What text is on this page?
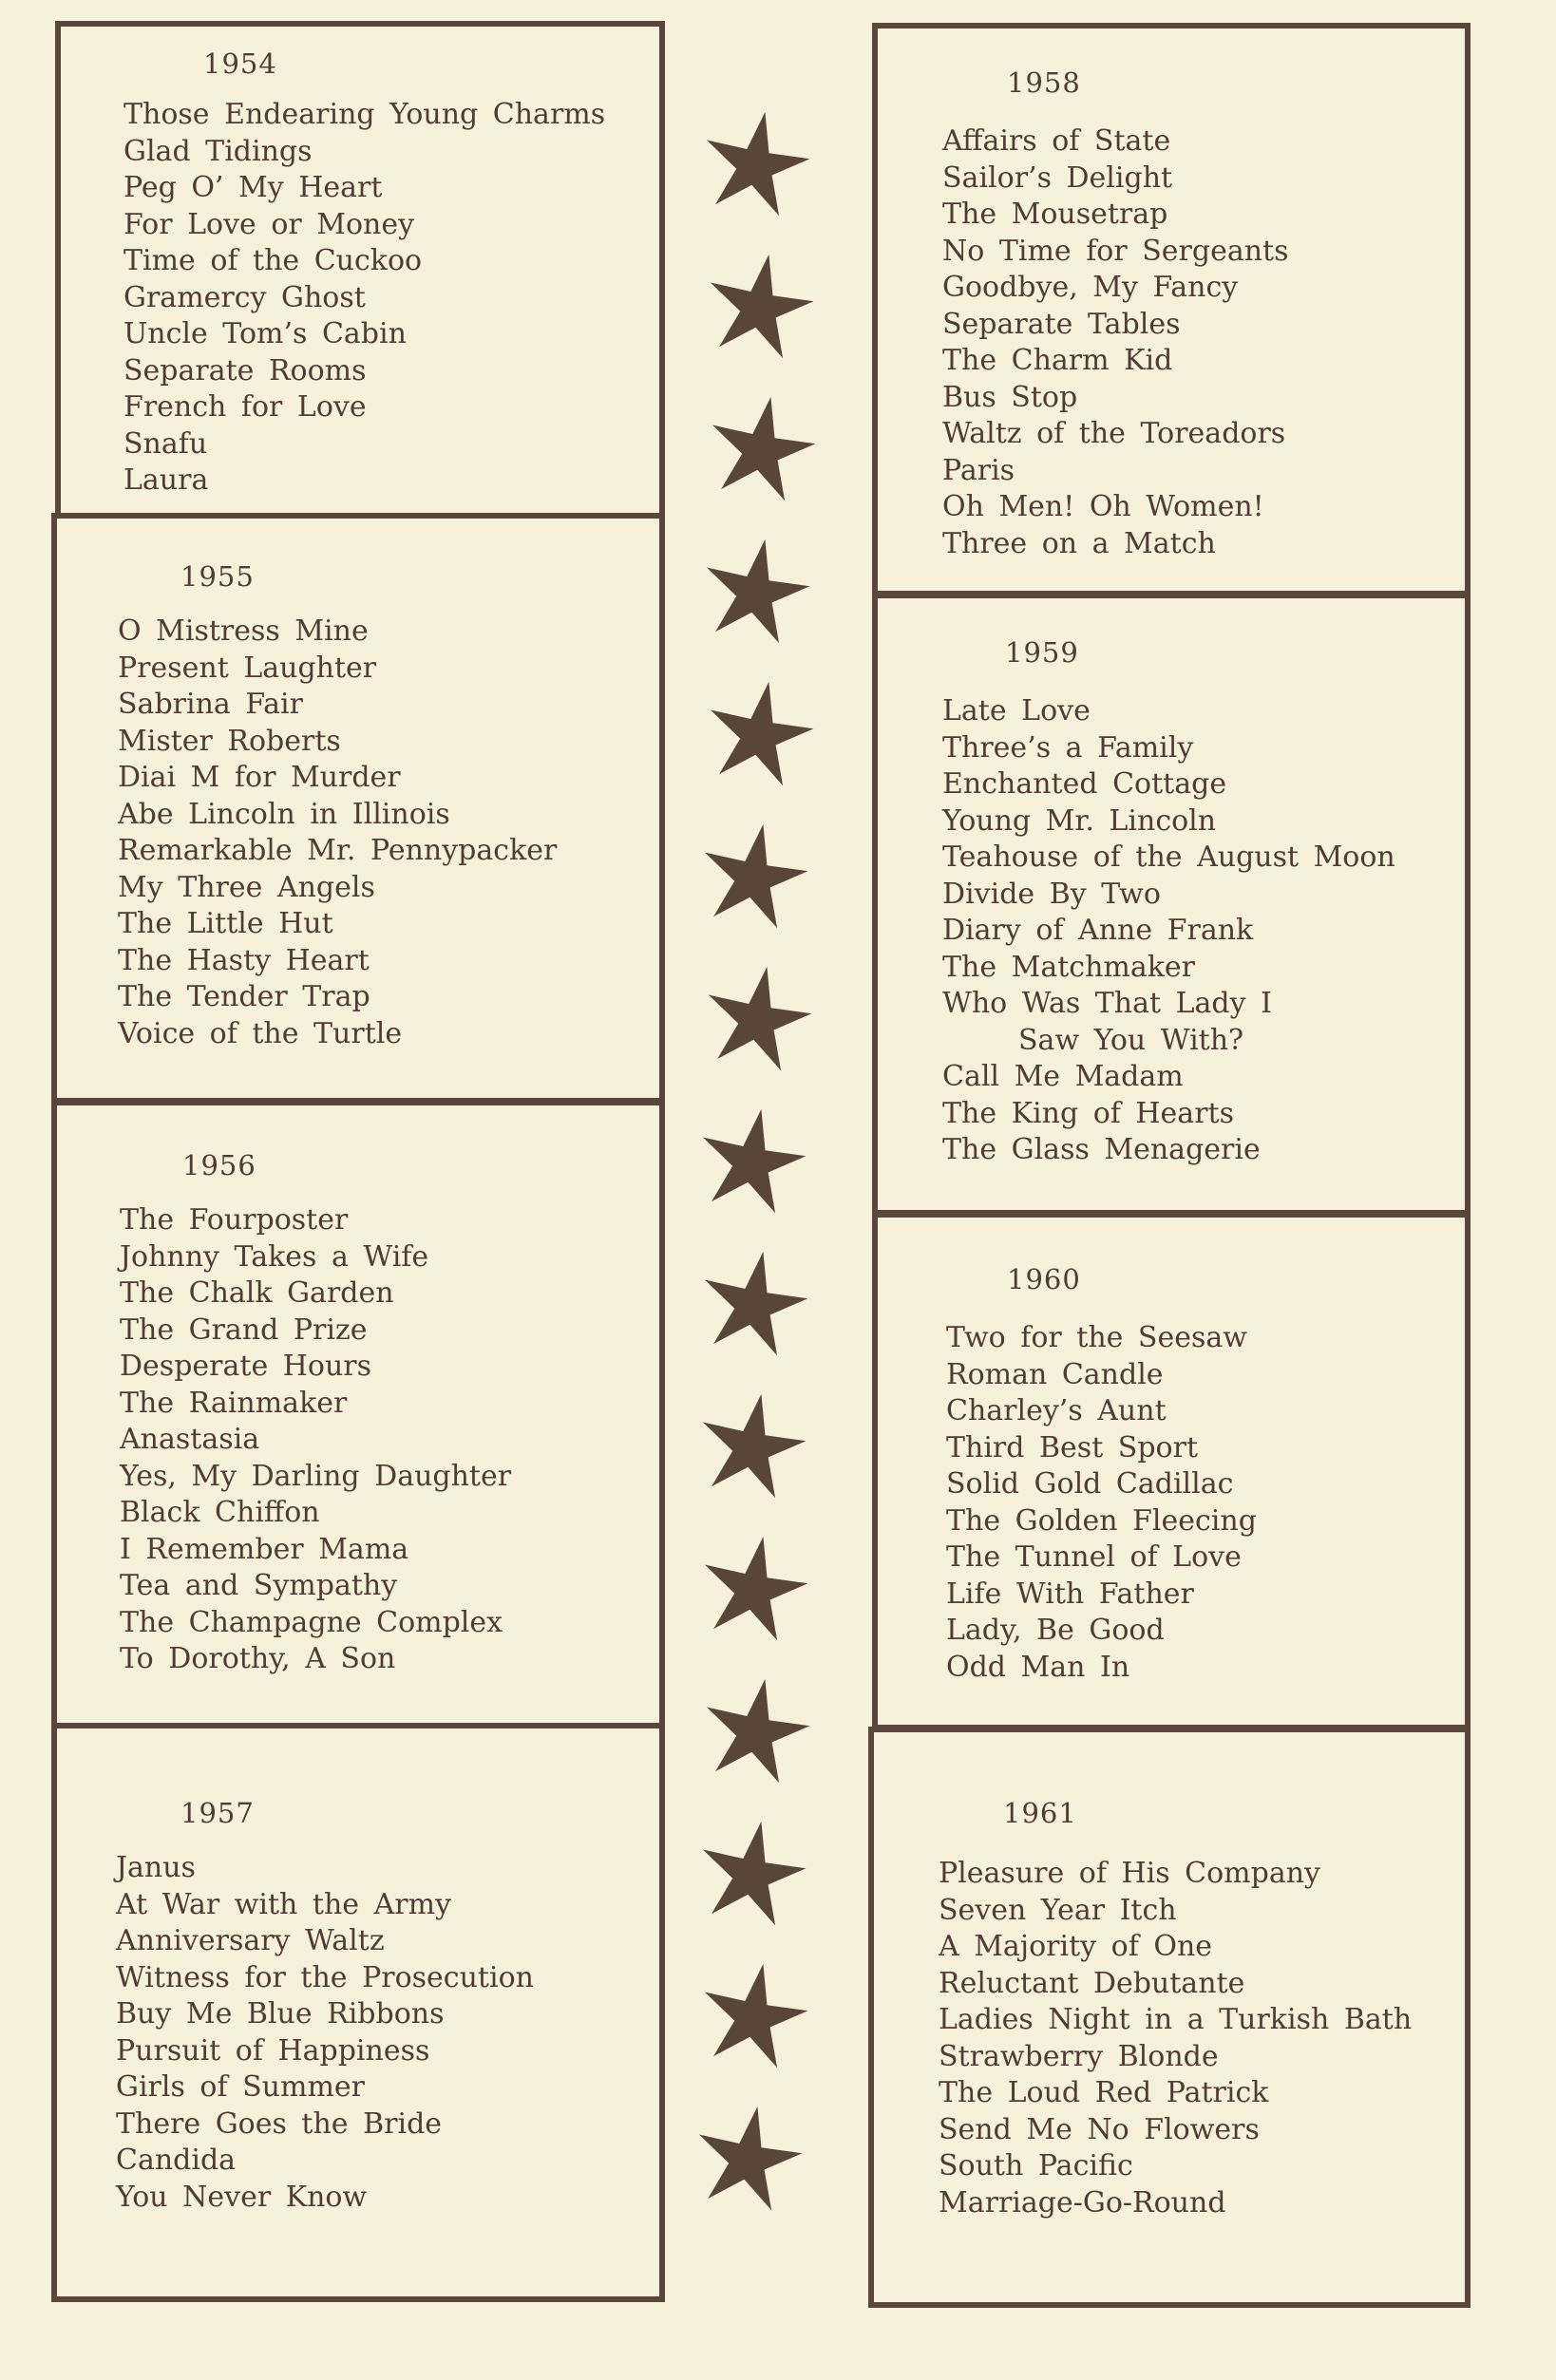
1954
Those Endearing Young Charms
Glad Tidings
Peg O’ My Heart
For Love or Money
Time of the Cuckoo
Gramercy Ghost
Uncle Tom’s Cabin
Separate Rooms
French for Love
Snafu
Laura
1955
O Mistress Mine
Present Laughter
Sabrina Fair
Mister Roberts
Diai M for Murder
Abe Lincoln in Illinois
Remarkable Mr. Pennypacker
My Three Angels
The Little Hut
The Hasty Heart
The Tender Trap
Voice of the Turtle
1956
The Fourposter
Johnny Takes a Wife
The Chalk Garden
The Grand Prize
Desperate Hours
The Rainmaker
Anastasia
Yes, My Darling Daughter
Black Chiffon
I Remember Mama
Tea and Sympathy
The Champagne Complex
To Dorothy, A Son
1957
Janus
At War with the Army
Anniversary Waltz
Witness for the Prosecution
Buy Me Blue Ribbons
Pursuit of Happiness
Girls of Summer
There Goes the Bride
Candida
You Never Know
1958
Affairs of State
Sailor’s Delight
The Mousetrap
No Time for Sergeants
Goodbye, My Fancy
Separate Tables
The Charm Kid
Bus Stop
Waltz of the Toreadors
Paris
Oh Men! Oh Women!
Three on a Match
1959
Late Love
Three’s a Family
Enchanted Cottage
Young Mr. Lincoln
Teahouse of the August Moon
Divide By Two
Diary of Anne Frank
The Matchmaker
Who Was That Lady I
Saw You With?
Call Me Madam
The King of Hearts
The Glass Menagerie
1960
Two for the Seesaw
Roman Candle
Charley’s Aunt
Third Best Sport
Solid Gold Cadillac
The Golden Fleecing
The Tunnel of Love
Life With Father
Lady, Be Good
Odd Man In
1961
Pleasure of His Company
Seven Year Itch
A Majority of One
Reluctant Debutante
Ladies Night in a Turkish Bath
Strawberry Blonde
The Loud Red Patrick
Send Me No Flowers
South Pacific
Marriage-Go-Round
